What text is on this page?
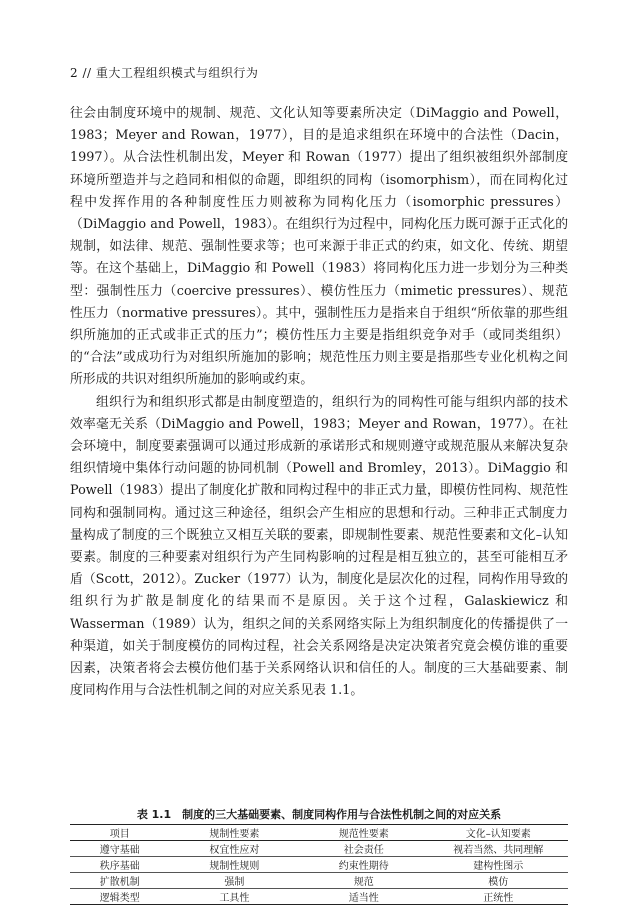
2 // 重大工程组织模式与组织行为

往会由制度环境中的规制、规范、文化认知等要素所决定（DiMaggio and Powell，1983；Meyer and Rowan，1977），目的是追求组织在环境中的合法性（Dacin，1997）。从合法性机制出发，Meyer 和 Rowan（1977）提出了组织被组织外部制度环境所塑造并与之趋同和相似的命题，即组织的同构（isomorphism），而在同构化过程中发挥作用的各种制度性压力则被称为同构化压力（isomorphic pressures）（DiMaggio and Powell，1983）。在组织行为过程中，同构化压力既可源于正式化的规制，如法律、规范、强制性要求等；也可来源于非正式的约束，如文化、传统、期望等。在这个基础上，DiMaggio 和 Powell（1983）将同构化压力进一步划分为三种类型：强制性压力（coercive pressures）、模仿性压力（mimetic pressures）、规范性压力（normative pressures）。其中，强制性压力是指来自于组织“所依靠的那些组织所施加的正式或非正式的压力”；模仿性压力主要是指组织竞争对手（或同类组织）的“合法”或成功行为对组织所施加的影响；规范性压力则主要是指那些专业化机构之间所形成的共识对组织所施加的影响或约束。

组织行为和组织形式都是由制度塑造的，组织行为的同构性可能与组织内部的技术效率毫无关系（DiMaggio and Powell，1983；Meyer and Rowan，1977）。在社会环境中，制度要素强调可以通过形成新的承诺形式和规则遵守或规范服从来解决复杂组织情境中集体行动问题的协同机制（Powell and Bromley，2013）。DiMaggio 和 Powell（1983）提出了制度化扩散和同构过程中的非正式力量，即模仿性同构、规范性同构和强制同构。通过这三种途径，组织会产生相应的思想和行动。三种非正式制度力量构成了制度的三个既独立又相互关联的要素，即规制性要素、规范性要素和文化–认知要素。制度的三种要素对组织行为产生同构影响的过程是相互独立的，甚至可能相互矛盾（Scott，2012）。Zucker（1977）认为，制度化是层次化的过程，同构作用导致的组织行为扩散是制度化的结果而不是原因。关于这个过程，Galaskiewicz 和 Wasserman（1989）认为，组织之间的关系网络实际上为组织制度化的传播提供了一种渠道，如关于制度模仿的同构过程，社会关系网络是决定决策者究竟会模仿谁的重要因素，决策者将会去模仿他们基于关系网络认识和信任的人。制度的三大基础要素、制度同构作用与合法性机制之间的对应关系见表 1.1。

表 1.1　制度的三大基础要素、制度同构作用与合法性机制之间的对应关系
项目	规制性要素	规范性要素	文化–认知要素
遵守基础	权宜性应对	社会责任	视若当然、共同理解
秩序基础	规制性规则	约束性期待	建构性图示
扩散机制	强制	规范	模仿
逻辑类型	工具性	适当性	正统性
